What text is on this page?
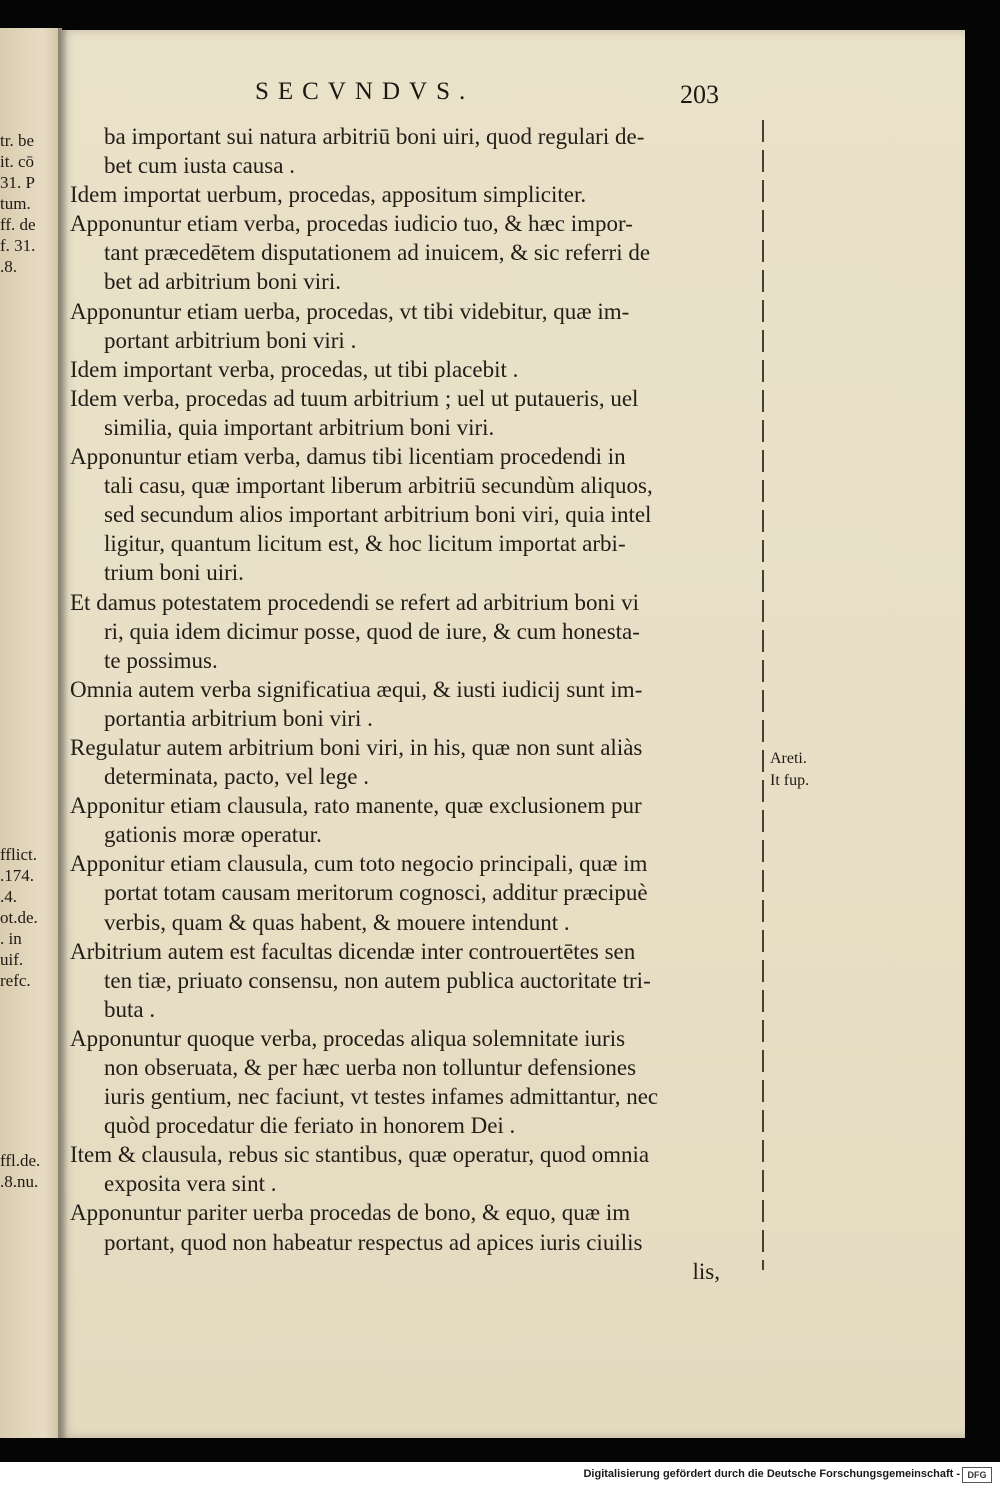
SECVNDVS.	203
tr. be
it. cō
31. P
tum.
ff. de
f. 31.
.8.
fflict.
.174.
.4.
ot.de.
. in
uif.
refc.
ffl.de.
.8.nu.
Areti.
It fup.
ba important sui natura arbitriū boni uiri, quod regulari de-
bet cum iusta causa .
Idem importat uerbum, procedas, appositum simpliciter.
Apponuntur etiam verba, procedas iudicio tuo, & hæc impor-
tant præcedētem disputationem ad inuicem, & sic referri de
bet ad arbitrium boni viri.
Apponuntur etiam uerba, procedas, vt tibi videbitur, quæ im-
portant arbitrium boni viri .
Idem important verba, procedas, ut tibi placebit .
Idem verba, procedas ad tuum arbitrium ; uel ut putaueris, uel
similia, quia important arbitrium boni viri.
Apponuntur etiam verba, damus tibi licentiam procedendi in
tali casu, quæ important liberum arbitriū secundùm aliquos,
sed secundum alios important arbitrium boni viri, quia intel
ligitur, quantum licitum est, & hoc licitum importat arbi-
trium boni uiri.
Et damus potestatem procedendi se refert ad arbitrium boni vi
ri, quia idem dicimur posse, quod de iure, & cum honesta-
te possimus.
Omnia autem verba significatiua æqui, & iusti iudicij sunt im-
portantia arbitrium boni viri .
Regulatur autem arbitrium boni viri, in his, quæ non sunt aliàs
determinata, pacto, vel lege .
Apponitur etiam clausula, rato manente, quæ exclusionem pur
gationis moræ operatur.
Apponitur etiam clausula, cum toto negocio principali, quæ im
portat totam causam meritorum cognosci, additur præcipuè
verbis, quam & quas habent, & mouere intendunt .
Arbitrium autem est facultas dicendæ inter controuertētes sen
ten tiæ, priuato consensu, non autem publica auctoritate tri-
buta .
Apponuntur quoque verba, procedas aliqua solemnitate iuris
non obseruata, & per hæc uerba non tolluntur defensiones
iuris gentium, nec faciunt, vt testes infames admittantur, nec
quòd procedatur die feriato in honorem Dei .
Item & clausula, rebus sic stantibus, quæ operatur, quod omnia
exposita vera sint .
Apponuntur pariter uerba procedas de bono, & equo, quæ im
portant, quod non habeatur respectus ad apices iuris ciuilis
lis,
Digitalisierung gefördert durch die Deutsche Forschungsgemeinschaft - DFG
